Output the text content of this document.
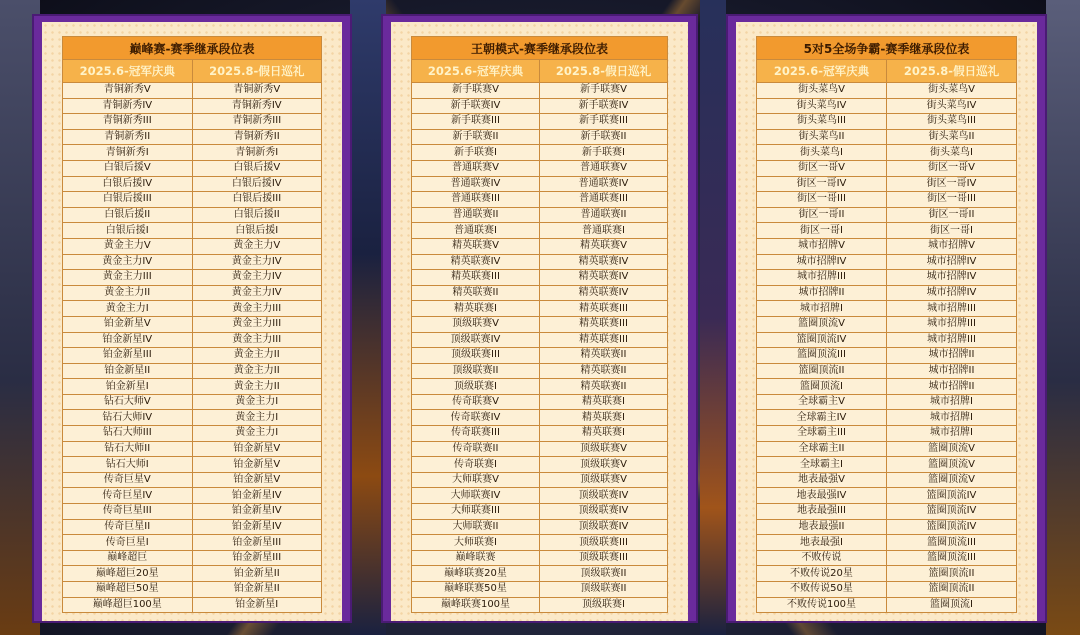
巅峰赛-赛季继承段位表	
2025.6-冠军庆典	2025.8-假日巡礼
青铜新秀V	青铜新秀V
青铜新秀IV	青铜新秀IV
青铜新秀III	青铜新秀III
青铜新秀II	青铜新秀II
青铜新秀I	青铜新秀I
白银后援V	白银后援V
白银后援IV	白银后援IV
白银后援III	白银后援III
白银后援II	白银后援II
白银后援I	白银后援I
黄金主力V	黄金主力V
黄金主力IV	黄金主力IV
黄金主力III	黄金主力IV
黄金主力II	黄金主力IV
黄金主力I	黄金主力III
铂金新星V	黄金主力III
铂金新星IV	黄金主力III
铂金新星III	黄金主力II
铂金新星II	黄金主力II
铂金新星I	黄金主力II
钻石大师V	黄金主力I
钻石大师IV	黄金主力I
钻石大师III	黄金主力I
钻石大师II	铂金新星V
钻石大师I	铂金新星V
传奇巨星V	铂金新星V
传奇巨星IV	铂金新星IV
传奇巨星III	铂金新星IV
传奇巨星II	铂金新星IV
传奇巨星I	铂金新星III
巅峰超巨	铂金新星III
巅峰超巨20星	铂金新星II
巅峰超巨50星	铂金新星II
巅峰超巨100星	铂金新星I
王朝模式-赛季继承段位表	
2025.6-冠军庆典	2025.8-假日巡礼
新手联赛V	新手联赛V
新手联赛IV	新手联赛IV
新手联赛III	新手联赛III
新手联赛II	新手联赛II
新手联赛I	新手联赛I
普通联赛V	普通联赛V
普通联赛IV	普通联赛IV
普通联赛III	普通联赛III
普通联赛II	普通联赛II
普通联赛I	普通联赛I
精英联赛V	精英联赛V
精英联赛IV	精英联赛IV
精英联赛III	精英联赛IV
精英联赛II	精英联赛IV
精英联赛I	精英联赛III
顶级联赛V	精英联赛III
顶级联赛IV	精英联赛III
顶级联赛III	精英联赛II
顶级联赛II	精英联赛II
顶级联赛I	精英联赛II
传奇联赛V	精英联赛I
传奇联赛IV	精英联赛I
传奇联赛III	精英联赛I
传奇联赛II	顶级联赛V
传奇联赛I	顶级联赛V
大师联赛V	顶级联赛V
大师联赛IV	顶级联赛IV
大师联赛III	顶级联赛IV
大师联赛II	顶级联赛IV
大师联赛I	顶级联赛III
巅峰联赛	顶级联赛III
巅峰联赛20星	顶级联赛II
巅峰联赛50星	顶级联赛II
巅峰联赛100星	顶级联赛I
5对5全场争霸-赛季继承段位表	
2025.6-冠军庆典	2025.8-假日巡礼
街头菜鸟V	街头菜鸟V
街头菜鸟IV	街头菜鸟IV
街头菜鸟III	街头菜鸟III
街头菜鸟II	街头菜鸟II
街头菜鸟I	街头菜鸟I
街区一哥V	街区一哥V
街区一哥IV	街区一哥IV
街区一哥III	街区一哥III
街区一哥II	街区一哥II
街区一哥I	街区一哥I
城市招牌V	城市招牌V
城市招牌IV	城市招牌IV
城市招牌III	城市招牌IV
城市招牌II	城市招牌IV
城市招牌I	城市招牌III
篮圈顶流V	城市招牌III
篮圈顶流IV	城市招牌III
篮圈顶流III	城市招牌II
篮圈顶流II	城市招牌II
篮圈顶流I	城市招牌II
全球霸主V	城市招牌I
全球霸主IV	城市招牌I
全球霸主III	城市招牌I
全球霸主II	篮圈顶流V
全球霸主I	篮圈顶流V
地表最强V	篮圈顶流V
地表最强IV	篮圈顶流IV
地表最强III	篮圈顶流IV
地表最强II	篮圈顶流IV
地表最强I	篮圈顶流III
不败传说	篮圈顶流III
不败传说20星	篮圈顶流II
不败传说50星	篮圈顶流II
不败传说100星	篮圈顶流I
